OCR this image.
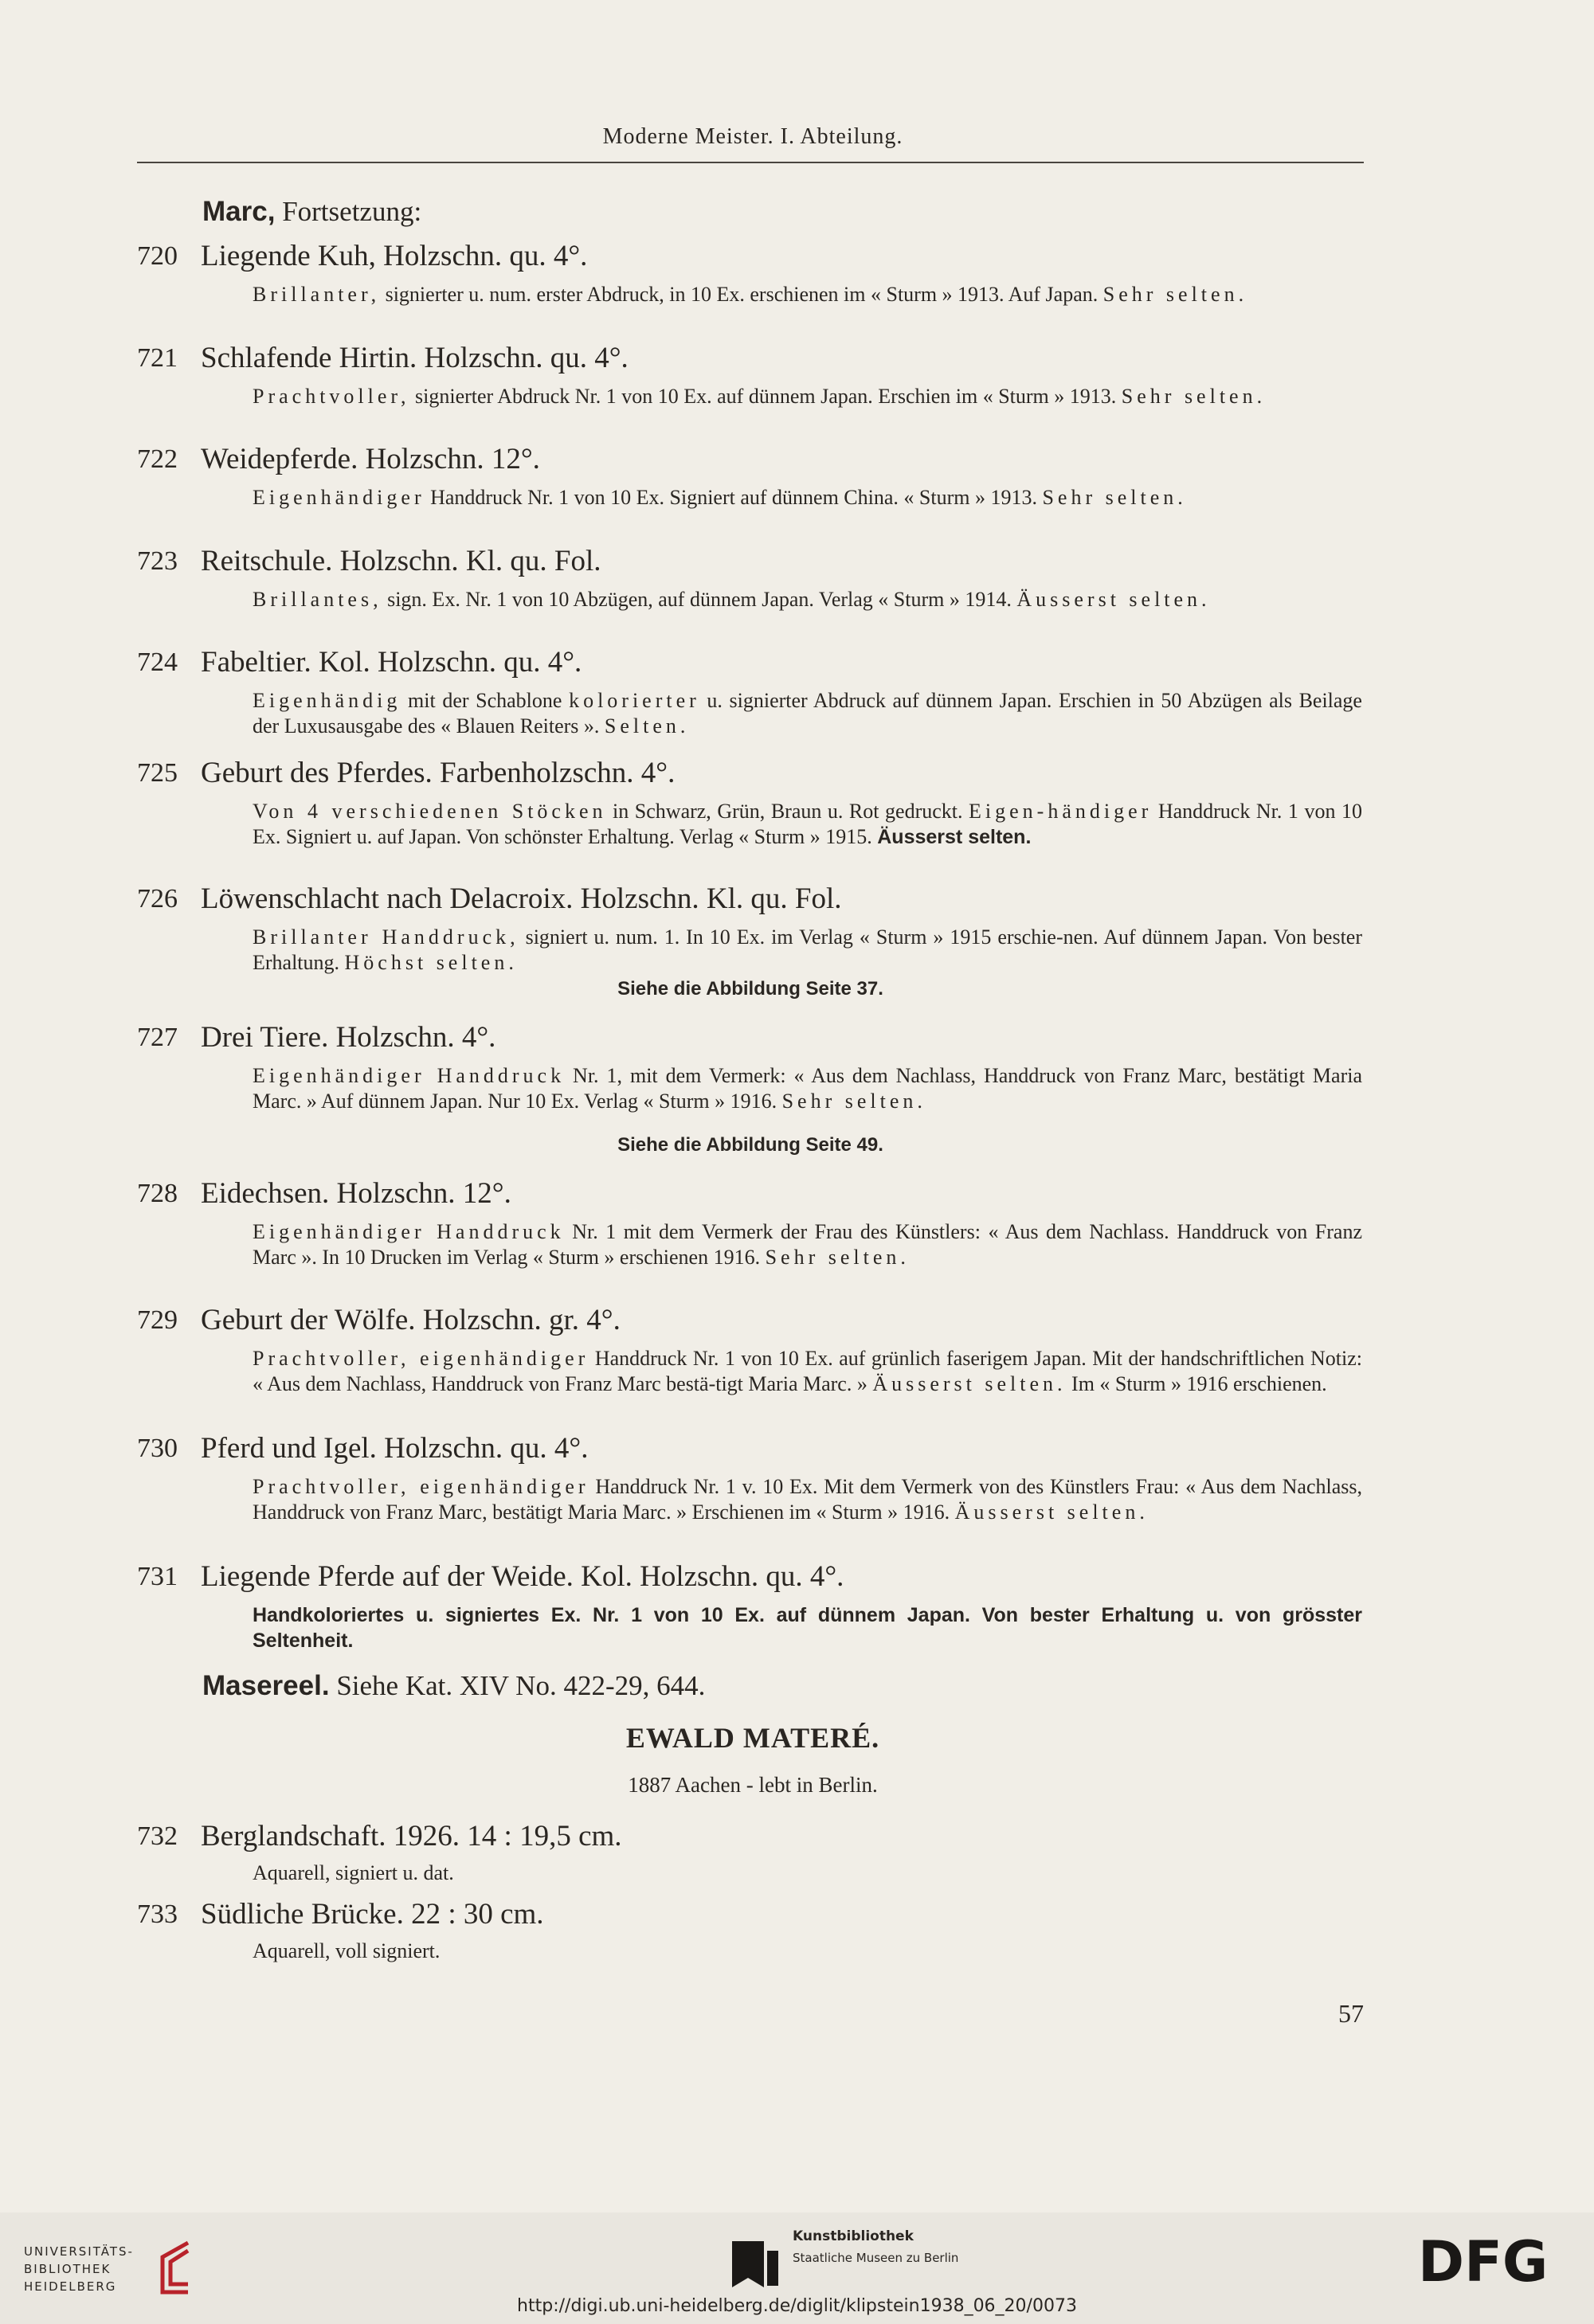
Moderne Meister. I. Abteilung.
Marc, Fortsetzung:
720 Liegende Kuh, Holzschn. qu. 4°.
Brillanter, signierter u. num. erster Abdruck, in 10 Ex. erschienen im « Sturm » 1913. Auf Japan. Sehr selten.
721 Schlafende Hirtin. Holzschn. qu. 4°.
Prachtvoller, signierter Abdruck Nr. 1 von 10 Ex. auf dünnem Japan. Erschien im « Sturm » 1913. Sehr selten.
722 Weidepferde. Holzschn. 12°.
Eigenhändiger Handdruck Nr. 1 von 10 Ex. Signiert auf dünnem China. « Sturm » 1913. Sehr selten.
723 Reitschule. Holzschn. Kl. qu. Fol.
Brillantes, sign. Ex. Nr. 1 von 10 Abzügen, auf dünnem Japan. Verlag « Sturm » 1914. Äusserst selten.
724 Fabeltier. Kol. Holzschn. qu. 4°.
Eigenhändig mit der Schablone kolorierter u. signierter Abdruck auf dünnem Japan. Erschien in 50 Abzügen als Beilage der Luxusausgabe des « Blauen Reiters ». Selten.
725 Geburt des Pferdes. Farbenholzschn. 4°.
Von 4 verschiedenen Stöcken in Schwarz, Grün, Braun u. Rot gedruckt. Eigen-händiger Handdruck Nr. 1 von 10 Ex. Signiert u. auf Japan. Von schönster Erhaltung. Verlag « Sturm » 1915. Äusserst selten.
726 Löwenschlacht nach Delacroix. Holzschn. Kl. qu. Fol.
Brillanter Handdruck, signiert u. num. 1. In 10 Ex. im Verlag « Sturm » 1915 erschie-nen. Auf dünnem Japan. Von bester Erhaltung. Höchst selten.
Siehe die Abbildung Seite 37.
727 Drei Tiere. Holzschn. 4°.
Eigenhändiger Handdruck Nr. 1, mit dem Vermerk: « Aus dem Nachlass, Handdruck von Franz Marc, bestätigt Maria Marc. » Auf dünnem Japan. Nur 10 Ex. Verlag « Sturm » 1916. Sehr selten.
Siehe die Abbildung Seite 49.
728 Eidechsen. Holzschn. 12°.
Eigenhändiger Handdruck Nr. 1 mit dem Vermerk der Frau des Künstlers: « Aus dem Nachlass. Handdruck von Franz Marc ». In 10 Drucken im Verlag « Sturm » erschienen 1916. Sehr selten.
729 Geburt der Wölfe. Holzschn. gr. 4°.
Prachtvoller, eigenhändiger Handdruck Nr. 1 von 10 Ex. auf grünlich faserigem Japan. Mit der handschriftlichen Notiz: « Aus dem Nachlass, Handdruck von Franz Marc bestä-tigt Maria Marc. » Äusserst selten. Im « Sturm » 1916 erschienen.
730 Pferd und Igel. Holzschn. qu. 4°.
Prachtvoller, eigenhändiger Handdruck Nr. 1 v. 10 Ex. Mit dem Vermerk von des Künstlers Frau: « Aus dem Nachlass, Handdruck von Franz Marc, bestätigt Maria Marc. » Erschienen im « Sturm » 1916. Äusserst selten.
731 Liegende Pferde auf der Weide. Kol. Holzschn. qu. 4°.
Handkoloriertes u. signiertes Ex. Nr. 1 von 10 Ex. auf dünnem Japan. Von bester Erhaltung u. von grösster Seltenheit.
Masereel. Siehe Kat. XIV No. 422-29, 644.
EWALD MATERÉ.
1887 Aachen - lebt in Berlin.
732 Berglandschaft. 1926. 14 : 19,5 cm.
Aquarell, signiert u. dat.
733 Südliche Brücke. 22 : 30 cm.
Aquarell, voll signiert.
57
UNIVERSITÄTS-
BIBLIOTHEK
HEIDELBERG
Kunstbibliothek
Staatliche Museen zu Berlin	DFG
http://digi.ub.uni-heidelberg.de/diglit/klipstein1938_06_20/0073
